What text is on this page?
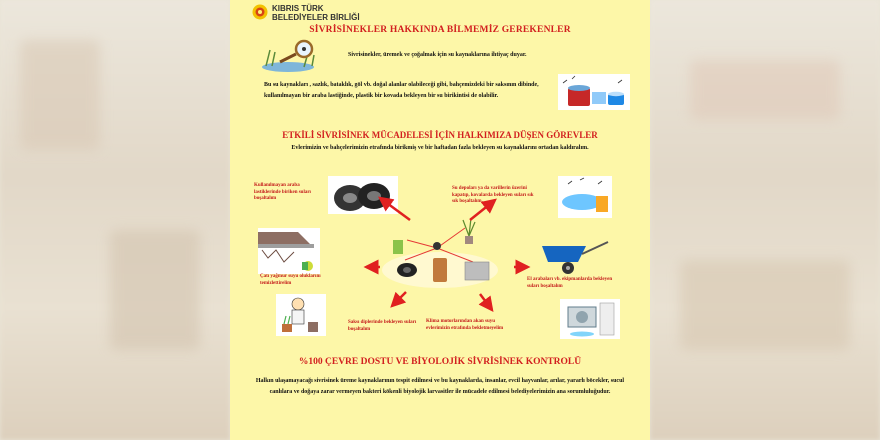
KIBRIS TÜRK
BELEDİYELER BİRLİĞİ
SİVRİSİNEKLER HAKKINDA BİLMEMİZ GEREKENLER
Sivrisinekler, üremek ve çoğalmak için su kaynaklarına ihtiyaç duyar.
Bu su kaynakları , sazlık, bataklık, göl vb. doğal alanlar olabileceği gibi, bahçemizdeki bir saksının dibinde, kullanılmayan bir araba lastiğinde, plastik bir kovada bekleyen bir su birikintisi de olabilir.
ETKİLİ SİVRİSİNEK MÜCADELESİ İÇİN HALKIMIZA DÜŞEN GÖREVLER
Evlerimizin ve bahçelerimizin etrafında birikmiş ve bir haftadan fazla bekleyen su kaynaklarını ortadan kaldıralım.
Kullanılmayan araba lastiklerinde biriken suları boşaltalım
Su depoları ya da varillerin üzerini kapatıp, kovalarda bekleyen suları sık sık boşaltalım.
Çatı yağmur suyu oluklarını temizlettirelim
El arabaları vb. ekipmanlarda bekleyen suları boşaltalım
Saksı diplerinde bekleyen suları boşaltalım
Klima motorlarından akan suyu evlerimizin etrafında bekletmeyelim
%100 ÇEVRE DOSTU VE BİYOLOJİK SİVRİSİNEK KONTROLÜ
Halkın ulaşamayacağı sivrisinek üreme kaynaklarının tespit edilmesi ve bu kaynaklarda, insanlar, evcil hayvanlar, arılar, yararlı böcekler, sucul canlılara ve doğaya zarar vermeyen bakteri kökenli biyolojik larvasitler ile mücadele edilmesi belediyelerimizin ana sorumluluğudur.
